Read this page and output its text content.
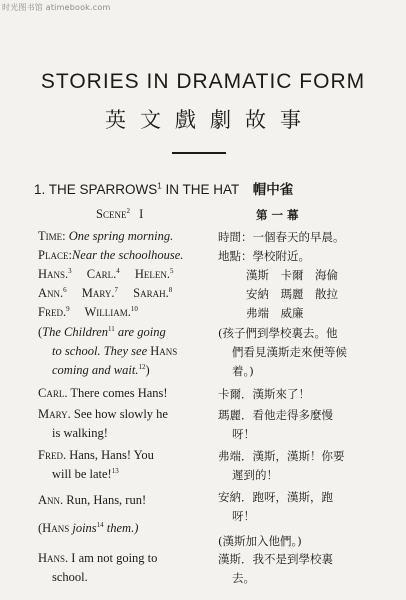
时光图书馆 atimebook.com
STORIES IN DRAMATIC FORM
英文戲劇故事
1. THE SPARROWS$^1$ IN THE HAT 帽中雀
Scene$^2$ I
Time: One spring morning.
Place:Near the schoolhouse.
Hans.$^3$ Carl.$^4$ Helen.$^5$
Ann.$^6$ Mary.$^7$ Sarah.$^8$
Fred.$^9$ William.$^{10}$
(The Children$^{11}$ are going
to school. They see Hans
coming and wait.$^{12}$)
Carl. There comes Hans!
Mary. See how slowly he
is walking!
Fred. Hans, Hans! You
will be late!$^{13}$
Ann. Run, Hans, run!
(Hans joins$^{14}$ them.)
Hans. I am not going to
school.
第 一 幕
時間：一個春天的早晨。
地點：學校附近。
漢斯　卡爾　海倫
安納　瑪麗　散拉
弗端　威廉
(孩子們到學校裏去。他
們看見漢斯走來便等候
着。)
卡爾．漢斯來了！
瑪麗．看他走得多麼慢
呀！
弗端．漢斯，漢斯！你要
遲到的！
安納．跑呀，漢斯，跑
呀！
(漢斯加入他們。)
漢斯．我不是到學校裏
去。
